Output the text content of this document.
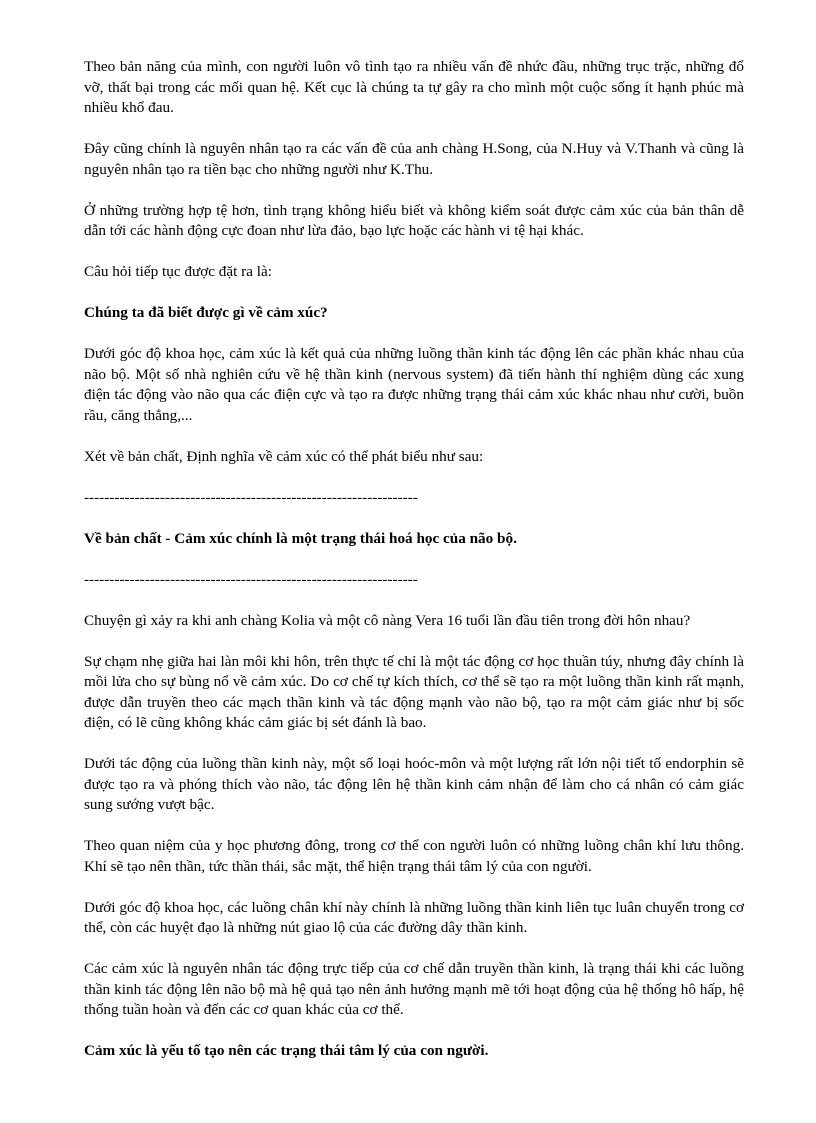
Theo bản năng của mình, con người luôn vô tình tạo ra nhiều vấn đề nhức đầu, những trục trặc, những đổ vỡ, thất bại trong các mối quan hệ. Kết cục là chúng ta tự gây ra cho mình một cuộc sống ít hạnh phúc mà nhiều khổ đau.

Đây cũng chính là nguyên nhân tạo ra các vấn đề của anh chàng H.Song, của N.Huy và V.Thanh và cũng là nguyên nhân tạo ra tiền bạc cho những người như K.Thu.

Ở những trường hợp tệ hơn, tình trạng không hiểu biết và không kiểm soát được cảm xúc của bản thân dễ dẫn tới các hành động cực đoan như lừa đảo, bạo lực hoặc các hành vi tệ hại khác.

Câu hỏi tiếp tục được đặt ra là:

Chúng ta đã biết được gì về cảm xúc?

Dưới góc độ khoa học, cảm xúc là kết quả của những luồng thần kinh tác động lên các phần khác nhau của não bộ. Một số nhà nghiên cứu về hệ thần kinh (nervous system) đã tiến hành thí nghiệm dùng các xung điện tác động vào não qua các điện cực và tạo ra được những trạng thái cảm xúc khác nhau như cười, buồn rầu, căng thẳng,...

Xét về bản chất, Định nghĩa về cảm xúc có thể phát biểu như sau:

------------------------------------------------------------------

Về bản chất - Cảm xúc chính là một trạng thái hoá học của não bộ.

------------------------------------------------------------------

Chuyện gì xảy ra khi anh chàng Kolia và một cô nàng Vera 16 tuổi lần đầu tiên trong đời hôn nhau?

Sự chạm nhẹ giữa hai làn môi khi hôn, trên thực tế chỉ là một tác động cơ học thuần túy, nhưng đây chính là mồi lửa cho sự bùng nổ về cảm xúc. Do cơ chế tự kích thích, cơ thể sẽ tạo ra một luồng thần kinh rất mạnh, được dẫn truyền theo các mạch thần kinh và tác động mạnh vào não bộ, tạo ra một cảm giác như bị sốc điện, có lẽ cũng không khác cảm giác bị sét đánh là bao.

Dưới tác động của luồng thần kinh này, một số loại hoóc-môn và một lượng rất lớn nội tiết tố endorphin sẽ được tạo ra và phóng thích vào não, tác động lên hệ thần kinh cảm nhận để làm cho cá nhân có cảm giác sung sướng vượt bậc.

Theo quan niệm của y học phương đông, trong cơ thể con người luôn có những luồng chân khí lưu thông. Khí sẽ tạo nên thần, tức thần thái, sắc mặt, thể hiện trạng thái tâm lý của con người.

Dưới góc độ khoa học, các luồng chân khí này chính là những luồng thần kinh liên tục luân chuyển trong cơ thể, còn các huyệt đạo là những nút giao lộ của các đường dây thần kinh.

Các cảm xúc là nguyên nhân tác động trực tiếp của cơ chế dẫn truyền thần kinh, là trạng thái khi các luồng thần kinh tác động lên não bộ mà hệ quả tạo nên ảnh hưởng mạnh mẽ tới hoạt động của hệ thống hô hấp, hệ thống tuần hoàn và đến các cơ quan khác của cơ thể.

Cảm xúc là yếu tố tạo nên các trạng thái tâm lý của con người.
